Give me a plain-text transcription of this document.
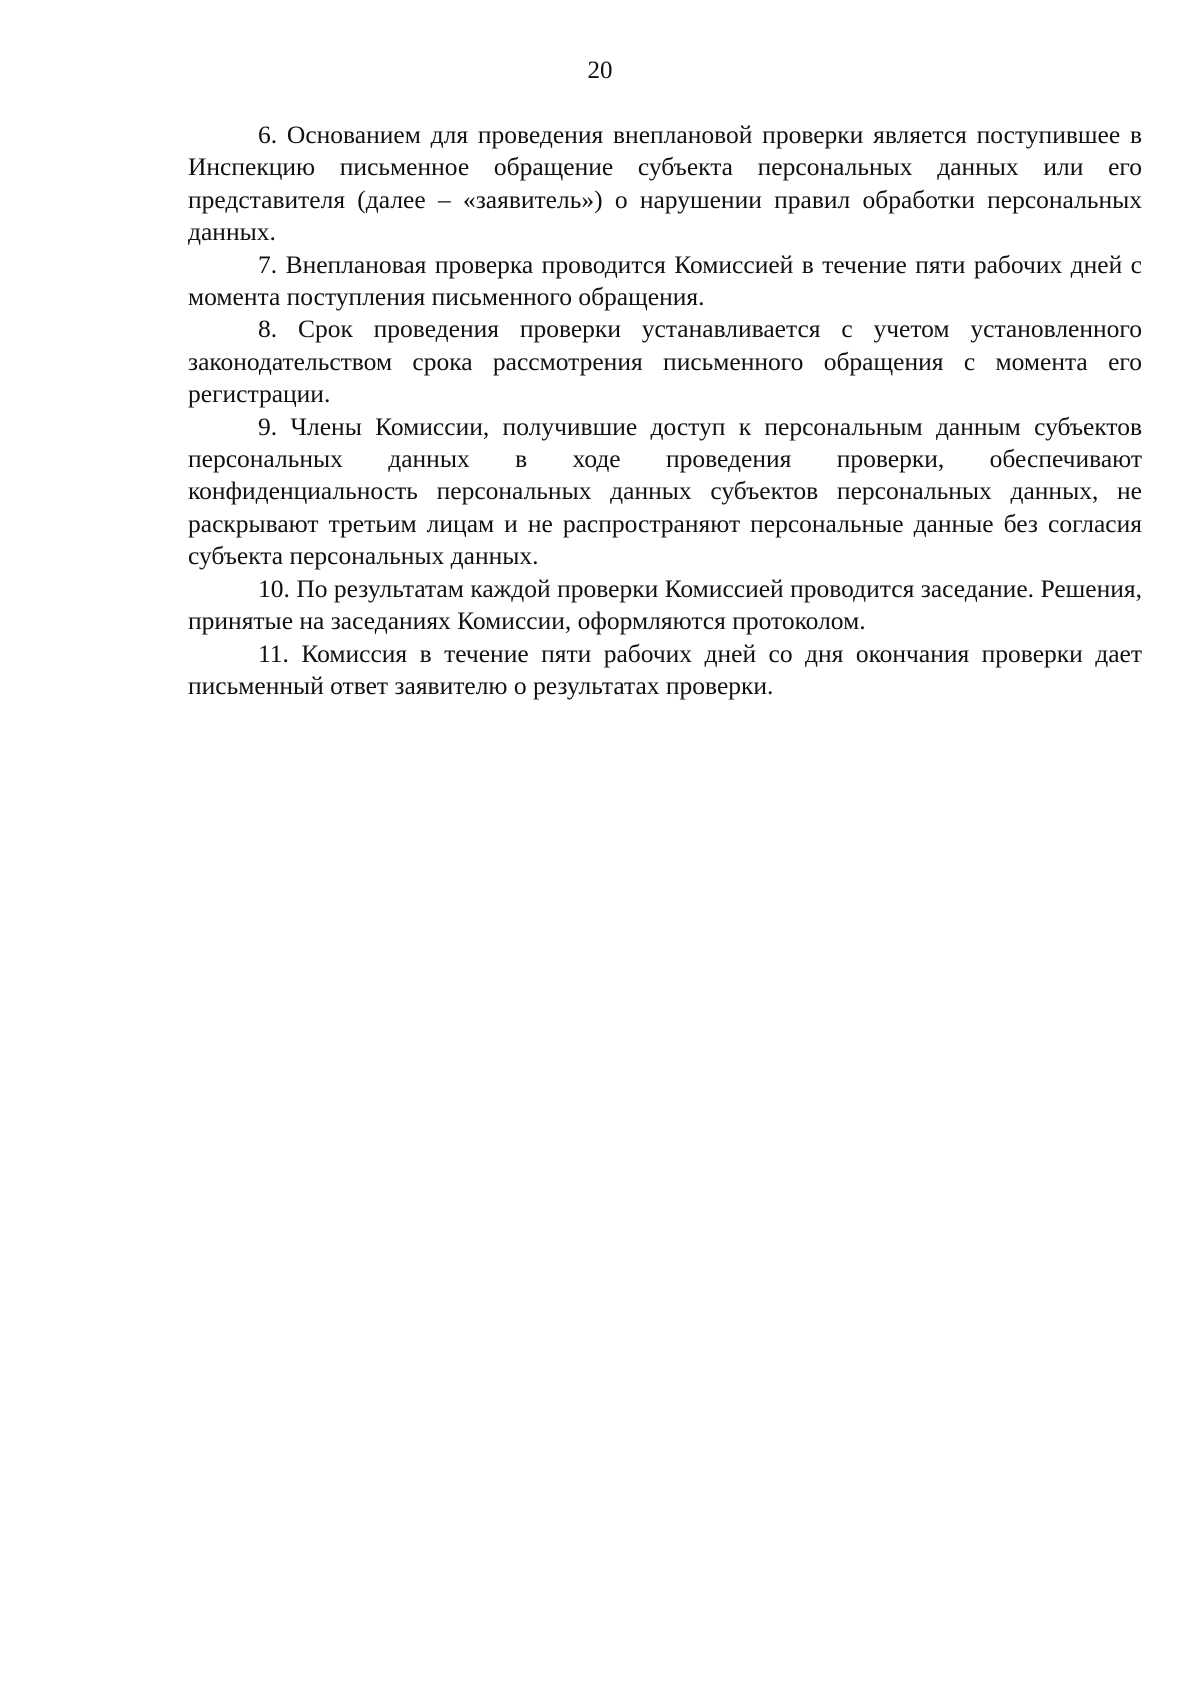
20

6. Основанием для проведения внеплановой проверки является поступившее в Инспекцию письменное обращение субъекта персональных данных или его представителя (далее – «заявитель») о нарушении правил обработки персональных данных.

7. Внеплановая проверка проводится Комиссией в течение пяти рабочих дней с момента поступления письменного обращения.

8. Срок проведения проверки устанавливается с учетом установленного законодательством срока рассмотрения письменного обращения с момента его регистрации.

9. Члены Комиссии, получившие доступ к персональным данным субъектов персональных данных в ходе проведения проверки, обеспечивают конфиденциальность персональных данных субъектов персональных данных, не раскрывают третьим лицам и не распространяют персональные данные без согласия субъекта персональных данных.

10. По результатам каждой проверки Комиссией проводится заседание. Решения, принятые на заседаниях Комиссии, оформляются протоколом.

11. Комиссия в течение пяти рабочих дней со дня окончания проверки дает письменный ответ заявителю о результатах проверки.
